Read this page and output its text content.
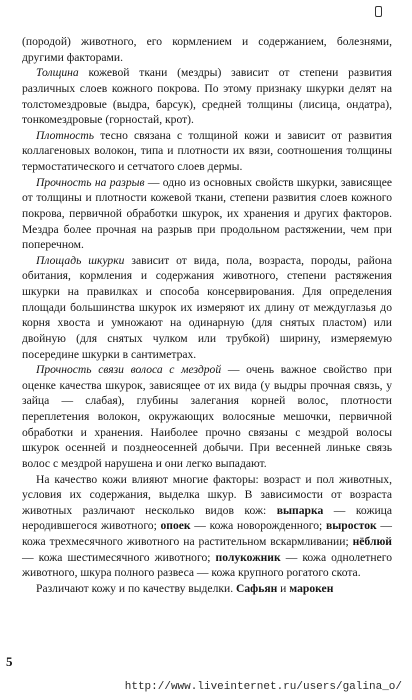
(породой) животного, его кормлением и содержанием, болезнями, другими факторами.

Толщина кожевой ткани (мездры) зависит от степени развития различных слоев кожного покрова. По этому признаку шкурки делят на толстомездровые (выдра, барсук), средней толщины (лисица, ондатра), тонкомездровые (горностай, крот).

Плотность тесно связана с толщиной кожи и зависит от развития коллагеновых волокон, типа и плотности их вязи, соотношения толщины термостатического и сетчатого слоев дермы.

Прочность на разрыв — одно из основных свойств шкурки, зависящее от толщины и плотности кожевой ткани, степени развития слоев кожного покрова, первичной обработки шкурок, их хранения и других факторов. Мездра более прочная на разрыв при продольном растяжении, чем при поперечном.

Площадь шкурки зависит от вида, пола, возраста, породы, района обитания, кормления и содержания животного, степени растяжения шкурки на правилках и способа консервирования. Для определения площади большинства шкурок их измеряют их длину от междуглазья до корня хвоста и умножают на одинарную (для снятых пластом) или двойную (для снятых чулком или трубкой) ширину, измеряемую посередине шкурки в сантиметрах.

Прочность связи волоса с мездрой — очень важное свойство при оценке качества шкурок, зависящее от их вида (у выдры прочная связь, у зайца — слабая), глубины залегания корней волос, плотности переплетения волокон, окружающих волосяные мешочки, первичной обработки и хранения. Наиболее прочно связаны с мездрой волосы шкурок осенней и позднеосенней добычи. При весенней линьке связь волос с мездрой нарушена и они легко выпадают.

На качество кожи влияют многие факторы: возраст и пол животных, условия их содержания, выделка шкур. В зависимости от возраста животных различают несколько видов кож: выпарка — кожица неродившегося животного; опоек — кожа новорожденного; выросток — кожа трехмесячного животного на растительном вскармливании; нёблюй — кожа шестимесячного животного; полукожник — кожа однолетнего животного, шкура полного развеса — кожа крупного рогатого скота.

Различают кожу и по качеству выделки. Сафьян и марокен

5
http://www.liveinternet.ru/users/galina_o/
